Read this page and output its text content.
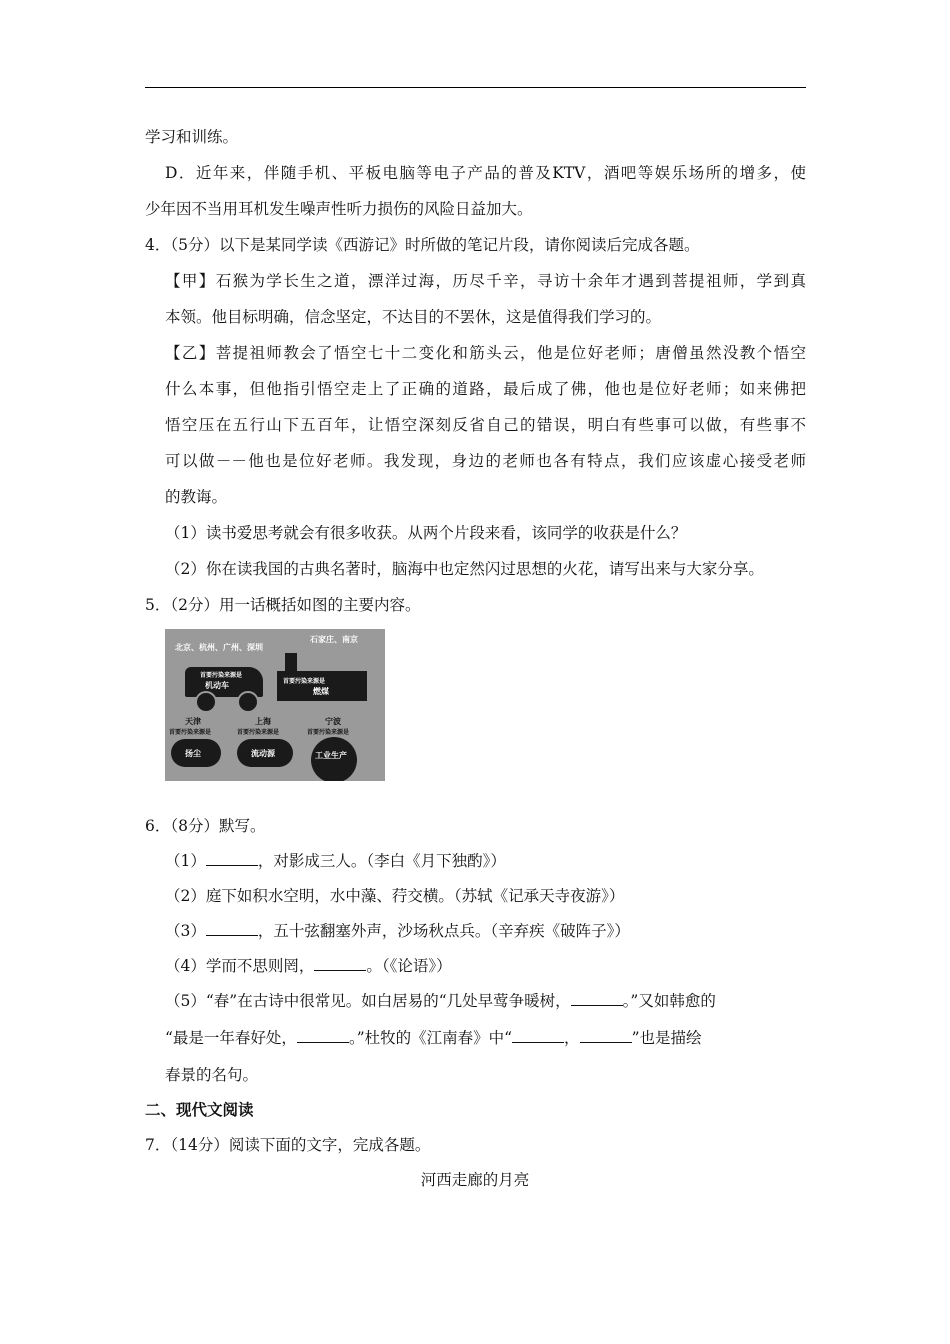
学习和训练。
D．近年来，伴随手机、平板电脑等电子产品的普及KTV，酒吧等娱乐场所的增多，使
少年因不当用耳机发生噪声性听力损伤的风险日益加大。
4．（5分）以下是某同学读《西游记》时所做的笔记片段，请你阅读后完成各题。
【甲】石猴为学长生之道，漂洋过海，历尽千辛，寻访十余年才遇到菩提祖师，学到真
本领。他目标明确，信念坚定，不达目的不罢休，这是值得我们学习的。
【乙】菩提祖师教会了悟空七十二变化和筋头云，他是位好老师；唐僧虽然没教个悟空
什么本事，但他指引悟空走上了正确的道路，最后成了佛，他也是位好老师；如来佛把
悟空压在五行山下五百年，让悟空深刻反省自己的错误，明白有些事可以做，有些事不
可以做－－他也是位好老师。我发现，身边的老师也各有特点，我们应该虚心接受老师
的教诲。
（1）读书爱思考就会有很多收获。从两个片段来看，该同学的收获是什么？
（2）你在读我国的古典名著时，脑海中也定然闪过思想的火花，请写出来与大家分享。
5．（2分）用一话概括如图的主要内容。
北京、杭州、广州、深圳
首要污染来源是
机动车
石家庄、南京
首要污染来源是
燃煤
天津
首要污染来源是
扬尘
上海
首要污染来源是
流动源
宁波
首要污染来源是
工业生产
6．（8分）默写。
（1）	，对影成三人。（李白《月下独酌》）
（2）庭下如积水空明，水中藻、荇交横。（苏轼《记承天寺夜游》）
（3）	，五十弦翻塞外声，沙场秋点兵。（辛弃疾《破阵子》）
（4）学而不思则罔，	。（《论语》）
（5）“春”在古诗中很常见。如白居易的“几处早莺争暖树，	。”又如韩愈的
“最是一年春好处，	。”杜牧的《江南春》中“	，	”也是描绘
春景的名句。
二、现代文阅读
7．（14分）阅读下面的文字，完成各题。
河西走廊的月亮
